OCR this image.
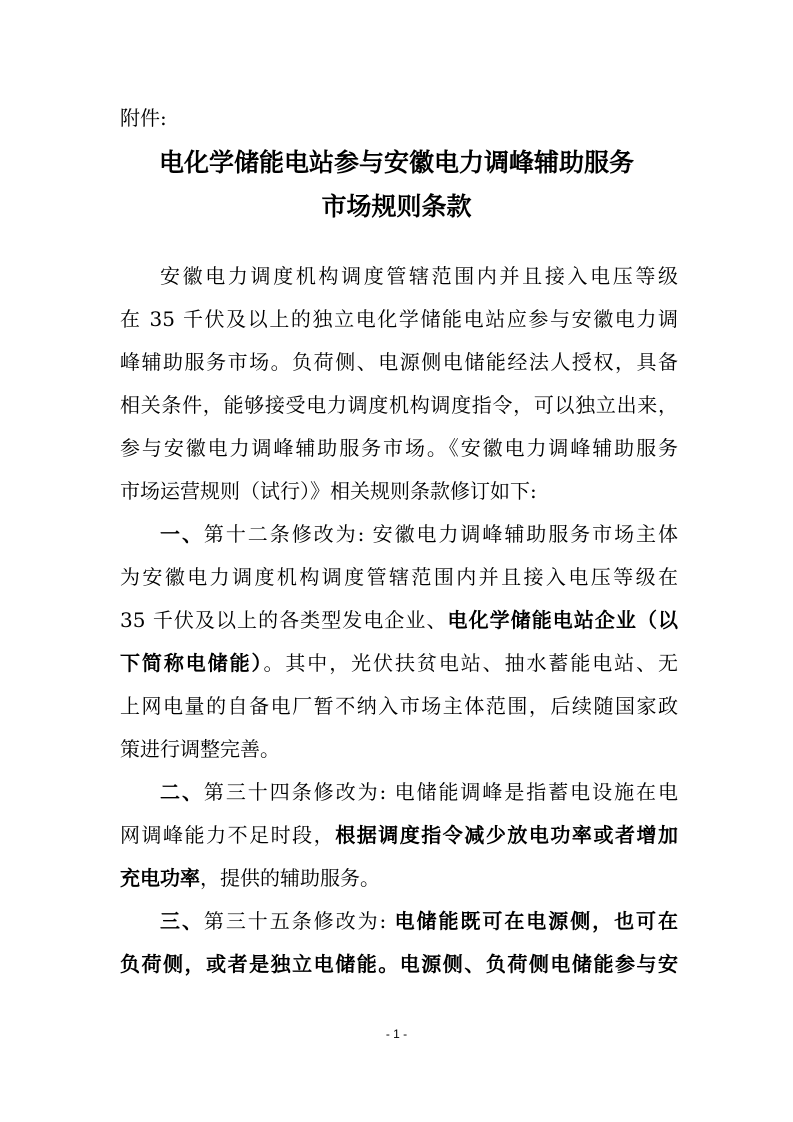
附件:
电化学储能电站参与安徽电力调峰辅助服务
市场规则条款
安徽电力调度机构调度管辖范围内并且接入电压等级
在 35 千伏及以上的独立电化学储能电站应参与安徽电力调
峰辅助服务市场。负荷侧、电源侧电储能经法人授权，具备
相关条件，能够接受电力调度机构调度指令，可以独立出来，
参与安徽电力调峰辅助服务市场。《安徽电力调峰辅助服务
市场运营规则（试行）》相关规则条款修订如下:
一、第十二条修改为: 安徽电力调峰辅助服务市场主体
为安徽电力调度机构调度管辖范围内并且接入电压等级在
35 千伏及以上的各类型发电企业、电化学储能电站企业（以
下简称电储能）。其中，光伏扶贫电站、抽水蓄能电站、无
上网电量的自备电厂暂不纳入市场主体范围，后续随国家政
策进行调整完善。
二、第三十四条修改为: 电储能调峰是指蓄电设施在电
网调峰能力不足时段，根据调度指令减少放电功率或者增加
充电功率，提供的辅助服务。
三、第三十五条修改为: 电储能既可在电源侧，也可在
负荷侧，或者是独立电储能。电源侧、负荷侧电储能参与安
- 1 -
